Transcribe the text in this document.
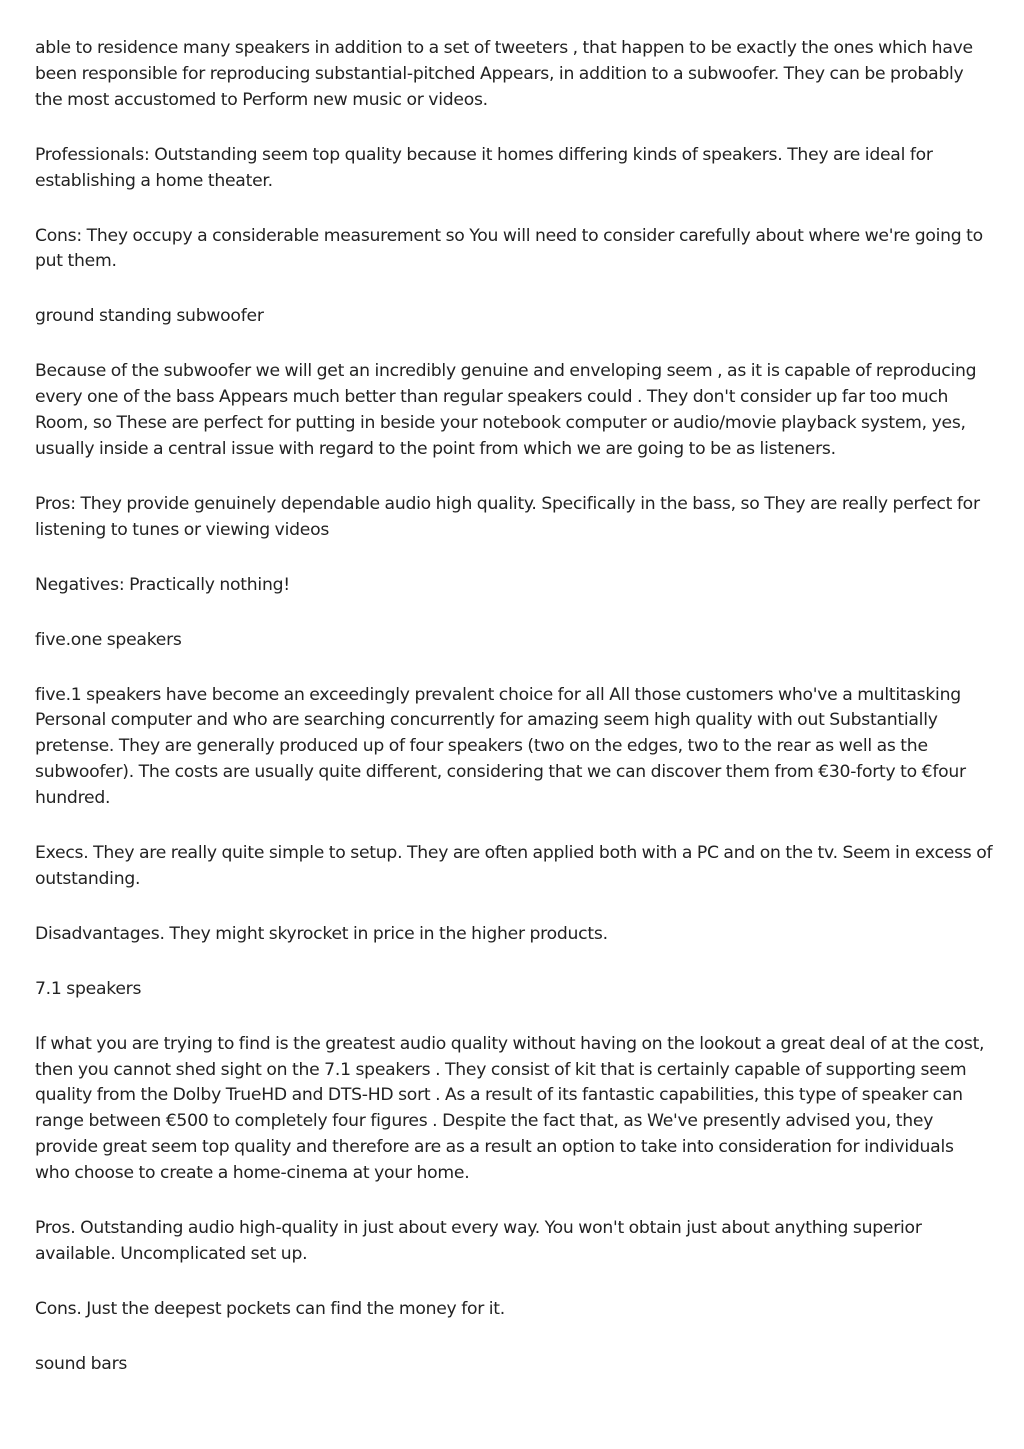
able to residence many speakers in addition to a set of tweeters , that happen to be exactly the ones which have been responsible for reproducing substantial-pitched Appears, in addition to a subwoofer. They can be probably the most accustomed to Perform new music or videos.

Professionals: Outstanding seem top quality because it homes differing kinds of speakers. They are ideal for establishing a home theater.

Cons: They occupy a considerable measurement so You will need to consider carefully about where we're going to put them.

ground standing subwoofer

Because of the subwoofer we will get an incredibly genuine and enveloping seem , as it is capable of reproducing every one of the bass Appears much better than regular speakers could . They don't consider up far too much Room, so These are perfect for putting in beside your notebook computer or audio/movie playback system, yes, usually inside a central issue with regard to the point from which we are going to be as listeners.

Pros: They provide genuinely dependable audio high quality. Specifically in the bass, so They are really perfect for listening to tunes or viewing videos

Negatives: Practically nothing!

five.one speakers

five.1 speakers have become an exceedingly prevalent choice for all All those customers who've a multitasking Personal computer and who are searching concurrently for amazing seem high quality with out Substantially pretense. They are generally produced up of four speakers (two on the edges, two to the rear as well as the subwoofer). The costs are usually quite different, considering that we can discover them from €30-forty to €four hundred.

Execs. They are really quite simple to setup. They are often applied both with a PC and on the tv. Seem in excess of outstanding.

Disadvantages. They might skyrocket in price in the higher products.

7.1 speakers

If what you are trying to find is the greatest audio quality without having on the lookout a great deal of at the cost, then you cannot shed sight on the 7.1 speakers . They consist of kit that is certainly capable of supporting seem quality from the Dolby TrueHD and DTS-HD sort . As a result of its fantastic capabilities, this type of speaker can range between €500 to completely four figures . Despite the fact that, as We've presently advised you, they provide great seem top quality and therefore are as a result an option to take into consideration for individuals who choose to create a home-cinema at your home.

Pros. Outstanding audio high-quality in just about every way. You won't obtain just about anything superior available. Uncomplicated set up.

Cons. Just the deepest pockets can find the money for it.

sound bars
